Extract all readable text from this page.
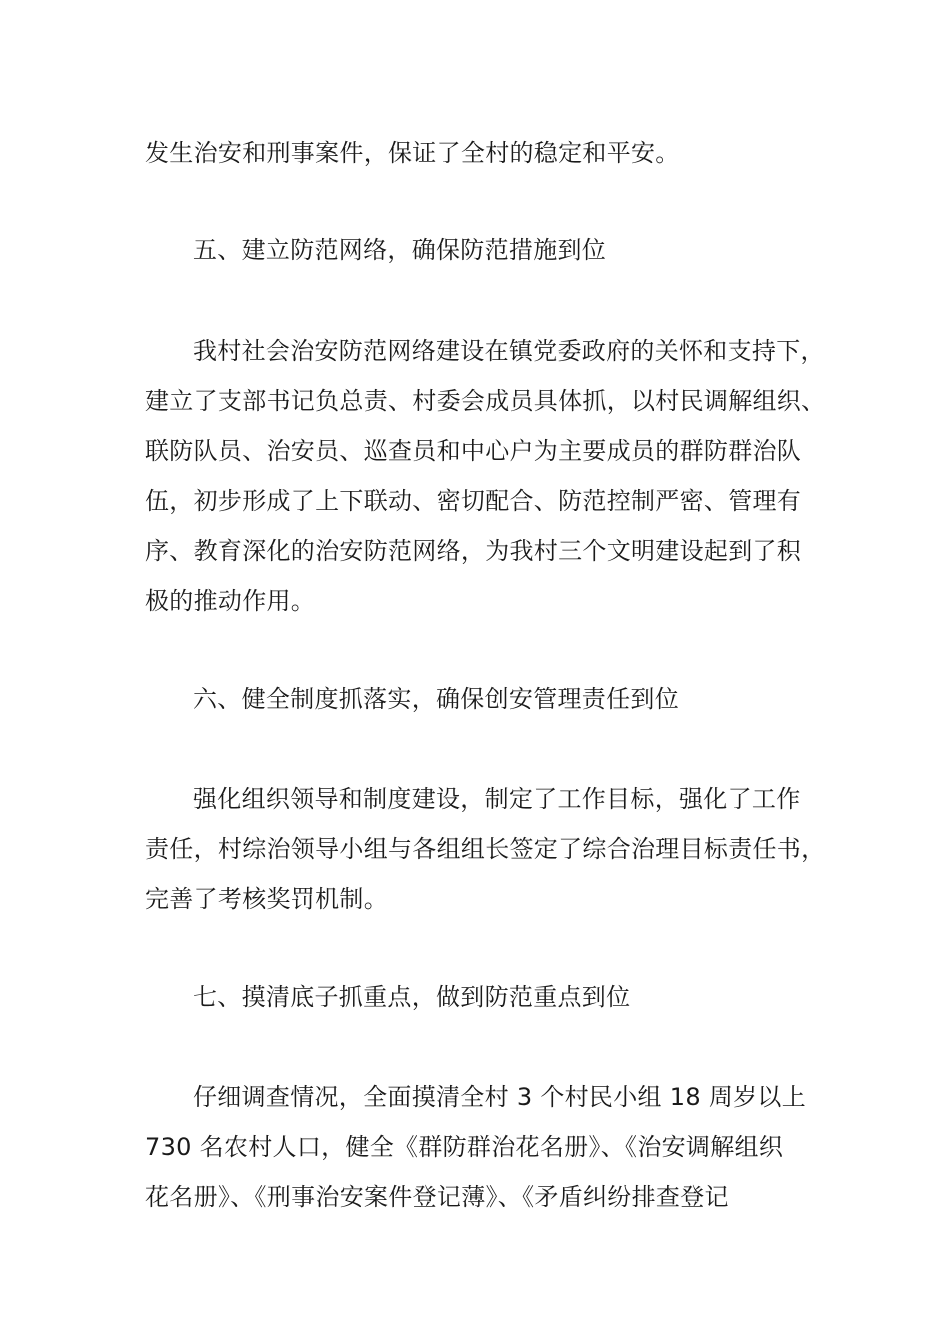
发生治安和刑事案件，保证了全村的稳定和平安。
五、建立防范网络，确保防范措施到位
我村社会治安防范网络建设在镇党委政府的关怀和支持下，
建立了支部书记负总责、村委会成员具体抓，以村民调解组织、
联防队员、治安员、巡查员和中心户为主要成员的群防群治队
伍，初步形成了上下联动、密切配合、防范控制严密、管理有
序、教育深化的治安防范网络，为我村三个文明建设起到了积
极的推动作用。
六、健全制度抓落实，确保创安管理责任到位
强化组织领导和制度建设，制定了工作目标，强化了工作
责任，村综治领导小组与各组组长签定了综合治理目标责任书，
完善了考核奖罚机制。
七、摸清底子抓重点，做到防范重点到位
仔细调查情况，全面摸清全村 3 个村民小组 18 周岁以上
730 名农村人口，健全《群防群治花名册》、《治安调解组织
花名册》、《刑事治安案件登记薄》、《矛盾纠纷排查登记
